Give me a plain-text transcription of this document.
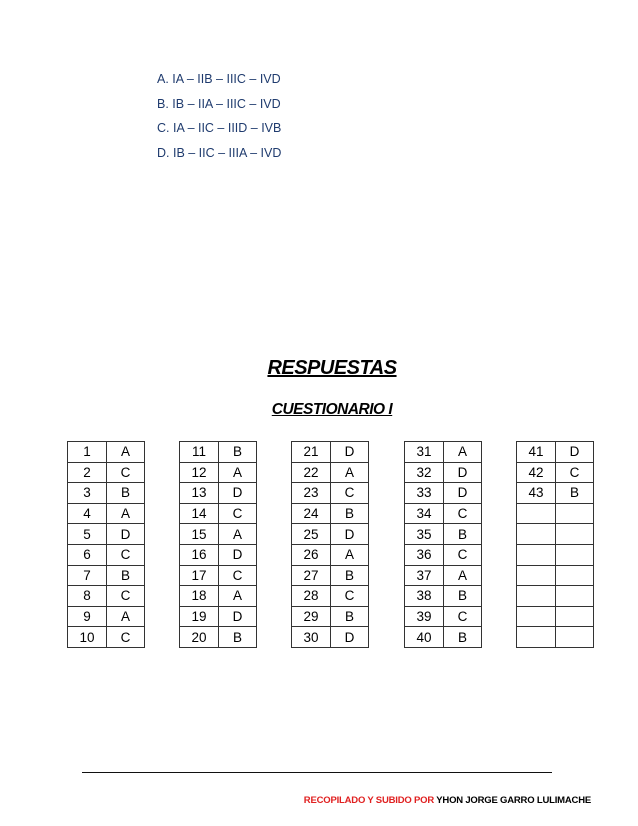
A. IA – IIB – IIIC – IVD
B. IB – IIA – IIIC – IVD
C. IA – IIC – IIID – IVB
D. IB – IIC – IIIA – IVD
RESPUESTAS
CUESTIONARIO I
1	A
2	C
3	B
4	A
5	D
6	C
7	B
8	C
9	A
10	C
11	B
12	A
13	D
14	C
15	A
16	D
17	C
18	A
19	D
20	B
21	D
22	A
23	C
24	B
25	D
26	A
27	B
28	C
29	B
30	D
31	A
32	D
33	D
34	C
35	B
36	C
37	A
38	B
39	C
40	B
41	D
42	C
43	B

RECOPILADO Y SUBIDO POR YHON JORGE GARRO LULIMACHE
